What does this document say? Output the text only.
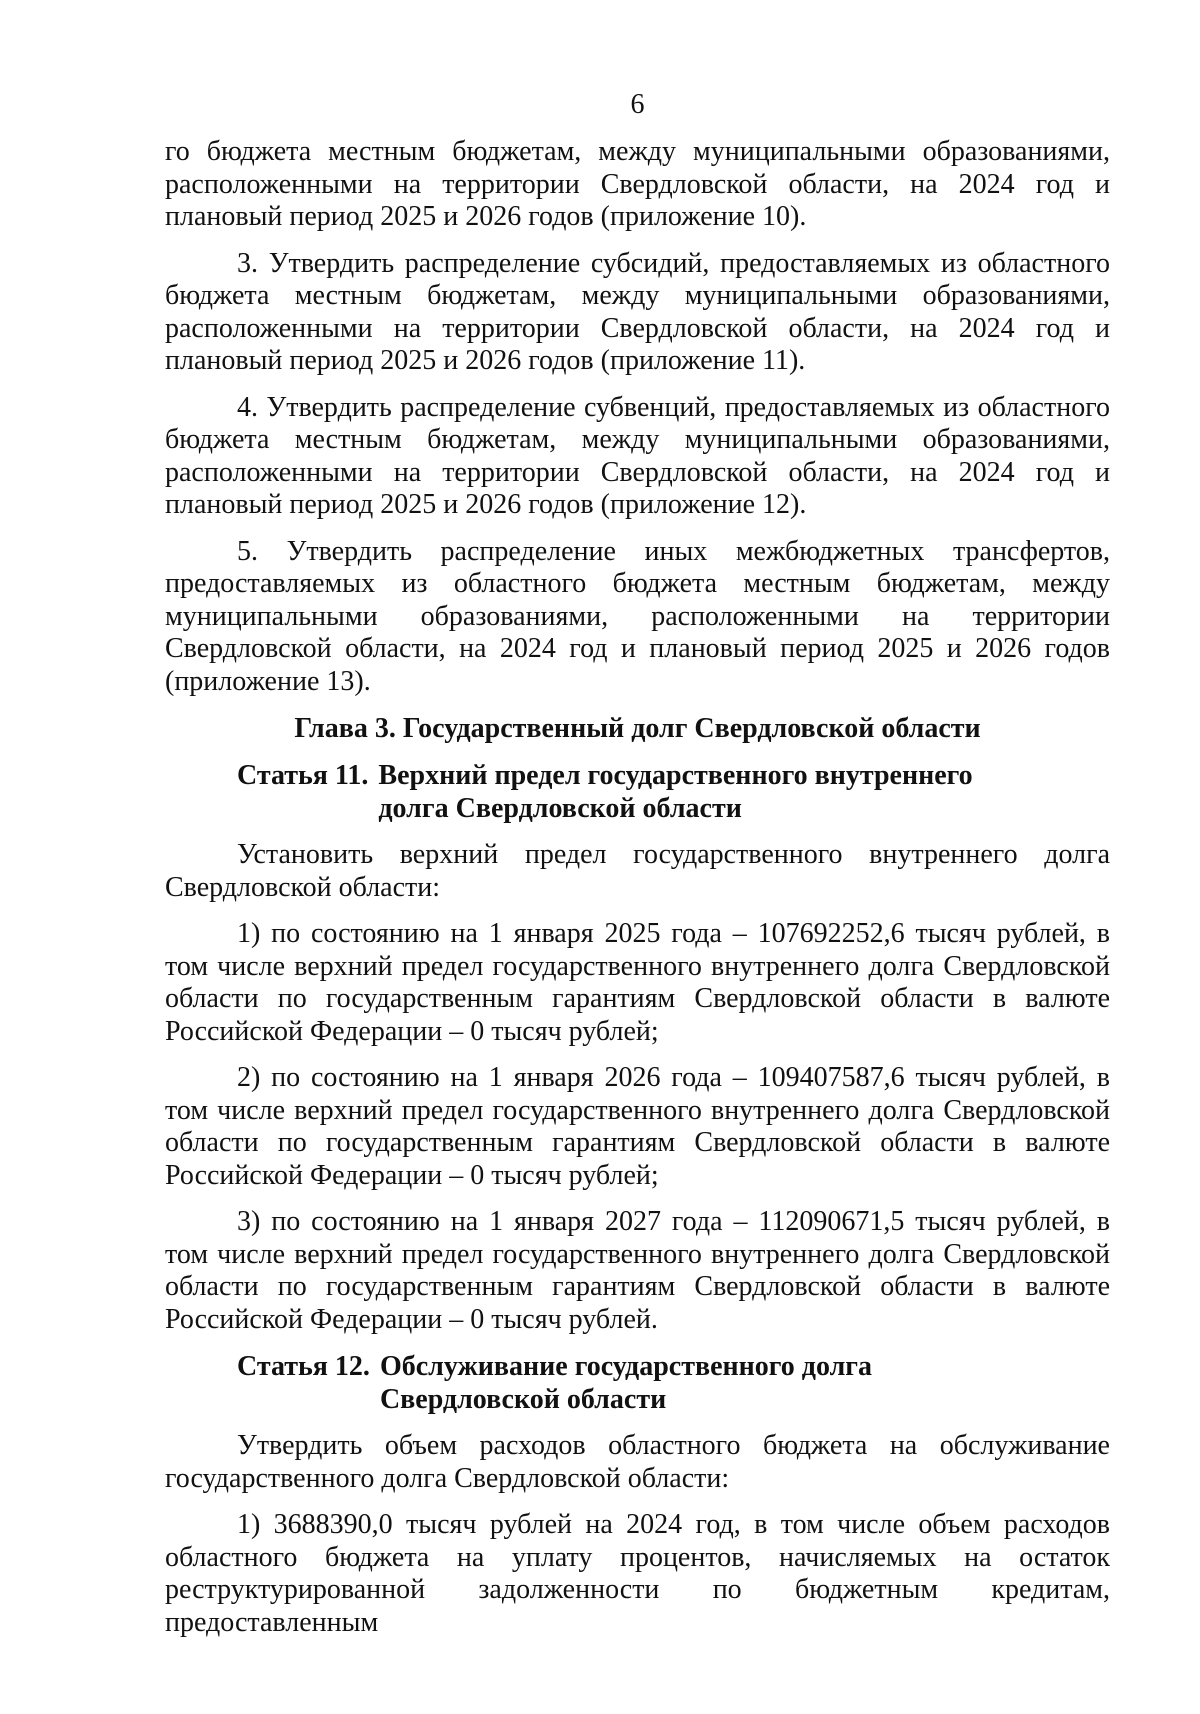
6

го бюджета местным бюджетам, между муниципальными образованиями, расположенными на территории Свердловской области, на 2024 год и плановый период 2025 и 2026 годов (приложение 10).

3. Утвердить распределение субсидий, предоставляемых из областного бюджета местным бюджетам, между муниципальными образованиями, расположенными на территории Свердловской области, на 2024 год и плановый период 2025 и 2026 годов (приложение 11).

4. Утвердить распределение субвенций, предоставляемых из областного бюджета местным бюджетам, между муниципальными образованиями, расположенными на территории Свердловской области, на 2024 год и плановый период 2025 и 2026 годов (приложение 12).

5. Утвердить распределение иных межбюджетных трансфертов, предоставляемых из областного бюджета местным бюджетам, между муниципальными образованиями, расположенными на территории Свердловской области, на 2024 год и плановый период 2025 и 2026 годов (приложение 13).

Глава 3. Государственный долг Свердловской области
Статья 11. Верхний предел государственного внутреннего
долга Свердловской области

Установить верхний предел государственного внутреннего долга Свердловской области:

1) по состоянию на 1 января 2025 года – 107692252,6 тысяч рублей, в том числе верхний предел государственного внутреннего долга Свердловской области по государственным гарантиям Свердловской области в валюте Российской Федерации – 0 тысяч рублей;

2) по состоянию на 1 января 2026 года – 109407587,6 тысяч рублей, в том числе верхний предел государственного внутреннего долга Свердловской области по государственным гарантиям Свердловской области в валюте Российской Федерации – 0 тысяч рублей;

3) по состоянию на 1 января 2027 года – 112090671,5 тысяч рублей, в том числе верхний предел государственного внутреннего долга Свердловской области по государственным гарантиям Свердловской области в валюте Российской Федерации – 0 тысяч рублей.

Статья 12. Обслуживание государственного долга
Свердловской области

Утвердить объем расходов областного бюджета на обслуживание государственного долга Свердловской области:

1) 3688390,0 тысяч рублей на 2024 год, в том числе объем расходов областного бюджета на уплату процентов, начисляемых на остаток реструктурированной задолженности по бюджетным кредитам, предоставленным
